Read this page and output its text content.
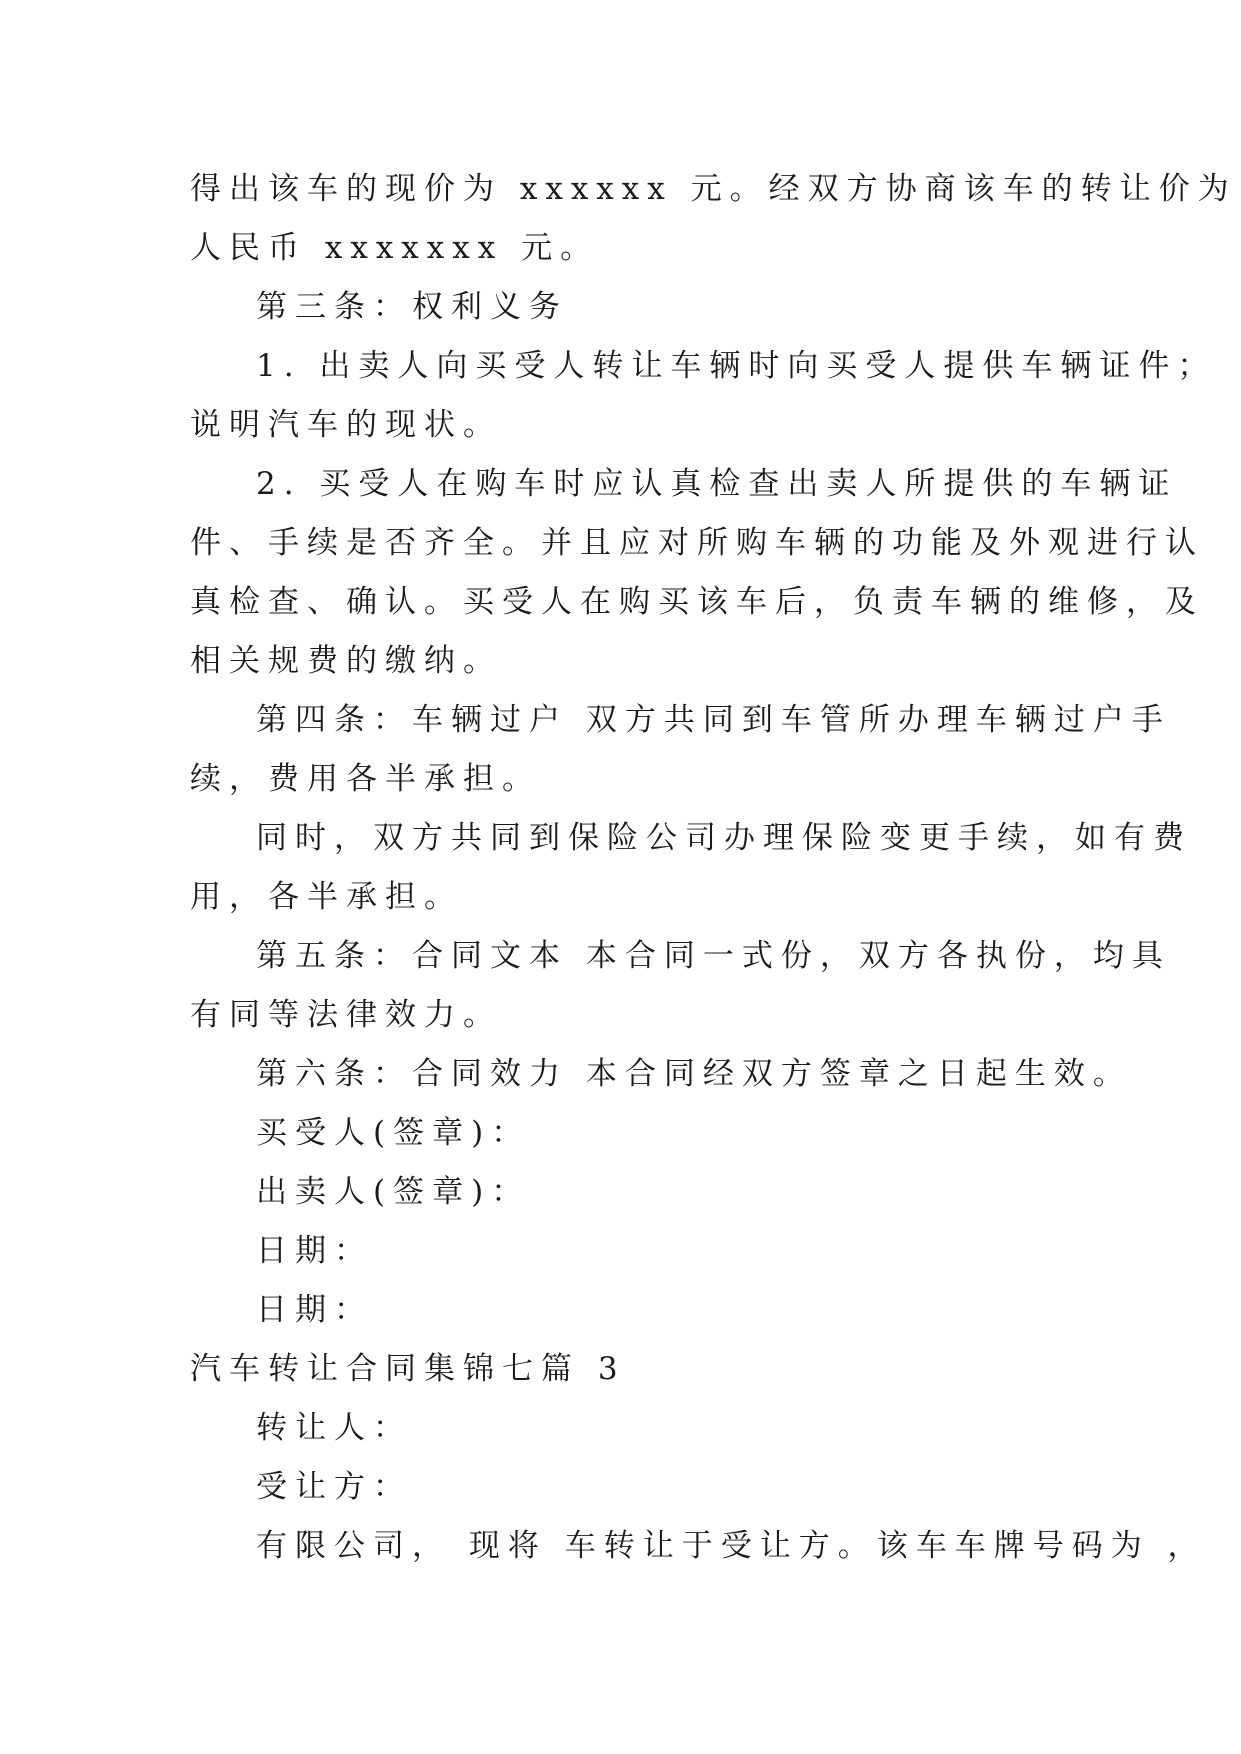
得出该车的现价为 xxxxxx 元。经双方协商该车的转让价为
人民币 xxxxxxx 元。
第三条：权利义务
1. 出卖人向买受人转让车辆时向买受人提供车辆证件；
说明汽车的现状。
2. 买受人在购车时应认真检查出卖人所提供的车辆证
件、手续是否齐全。并且应对所购车辆的功能及外观进行认
真检查、确认。买受人在购买该车后，负责车辆的维修，及
相关规费的缴纳。
第四条：车辆过户 双方共同到车管所办理车辆过户手
续，费用各半承担。
同时，双方共同到保险公司办理保险变更手续，如有费
用，各半承担。
第五条：合同文本 本合同一式份，双方各执份，均具
有同等法律效力。
第六条：合同效力 本合同经双方签章之日起生效。
买受人(签章)：
出卖人(签章)：
日期：
日期：
汽车转让合同集锦七篇 3
转让人：
受让方：
有限公司， 现将 车转让于受让方。该车车牌号码为 ，
